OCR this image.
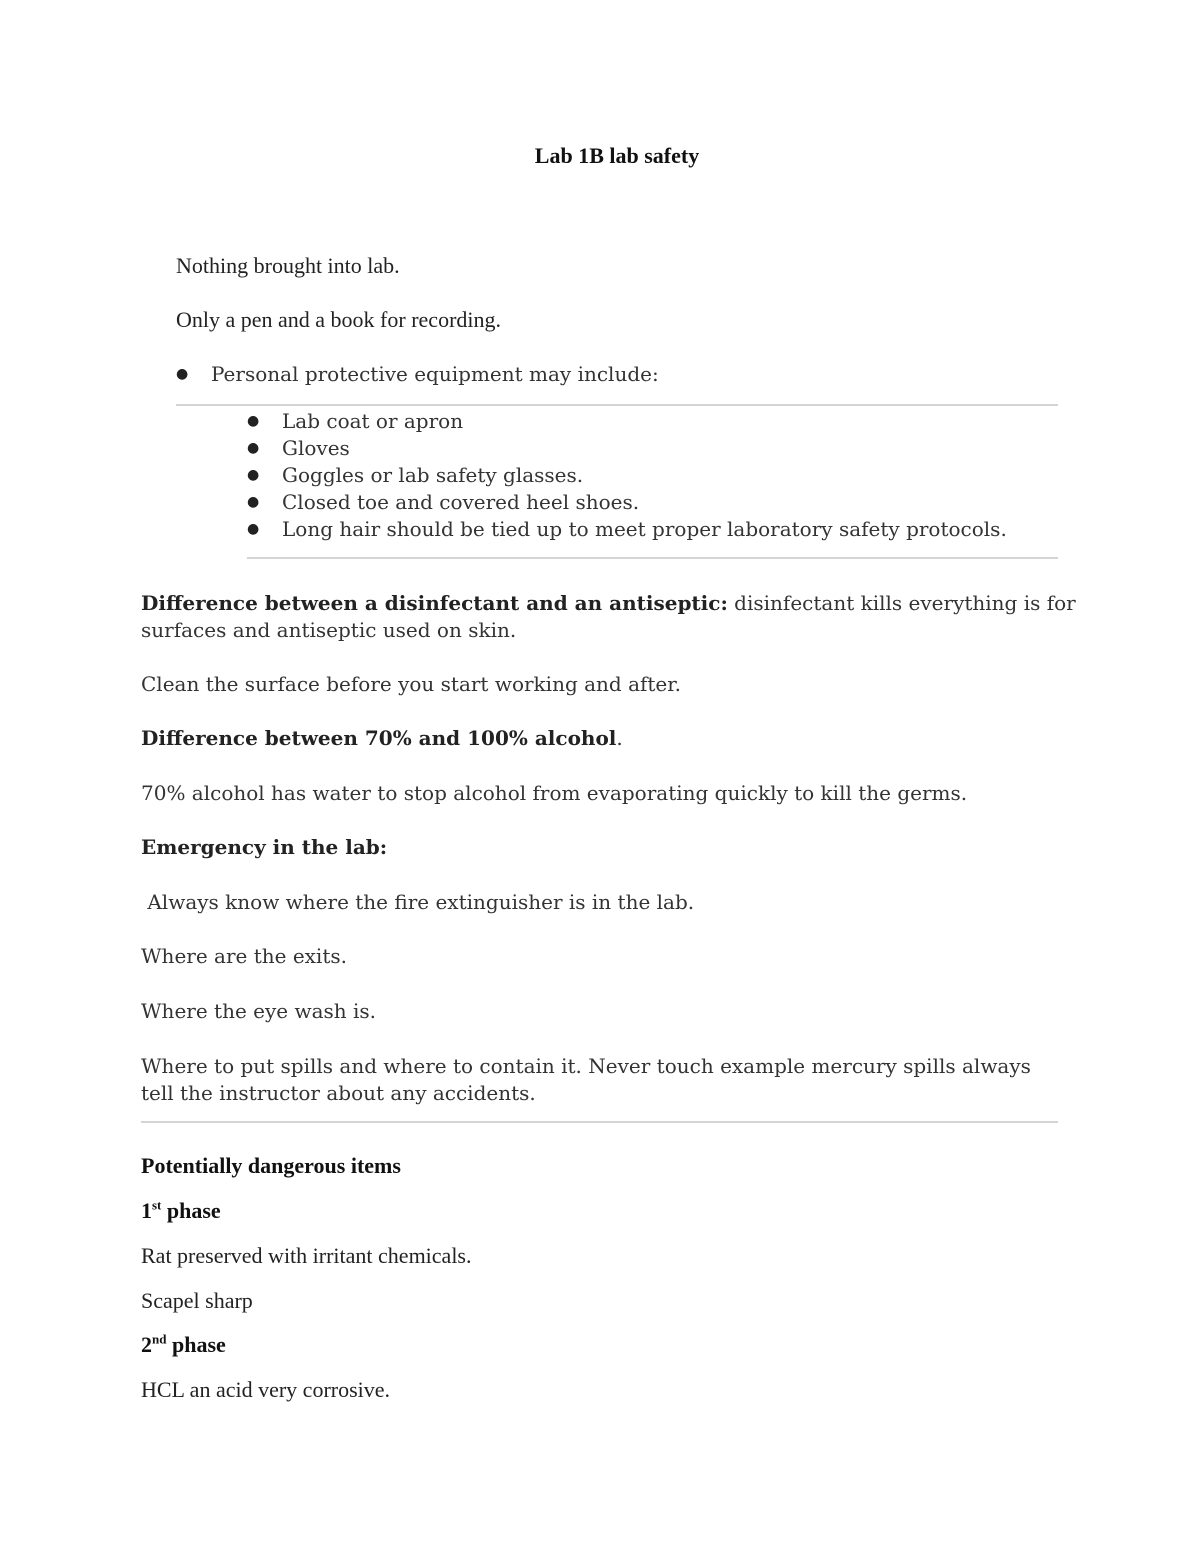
Lab 1B lab safety
Nothing brought into lab.
Only a pen and a book for recording.
● Personal protective equipment may include:
● Lab coat or apron
● Gloves
● Goggles or lab safety glasses.
● Closed toe and covered heel shoes.
● Long hair should be tied up to meet proper laboratory safety protocols.
Difference between a disinfectant and an antiseptic: disinfectant kills everything is for
surfaces and antiseptic used on skin.
Clean the surface before you start working and after.
Difference between 70% and 100% alcohol.
70% alcohol has water to stop alcohol from evaporating quickly to kill the germs.
Emergency in the lab:
Always know where the fire extinguisher is in the lab.
Where are the exits.
Where the eye wash is.
Where to put spills and where to contain it. Never touch example mercury spills always
tell the instructor about any accidents.
Potentially dangerous items
1st phase
Rat preserved with irritant chemicals.
Scapel sharp
2nd phase
HCL an acid very corrosive.
